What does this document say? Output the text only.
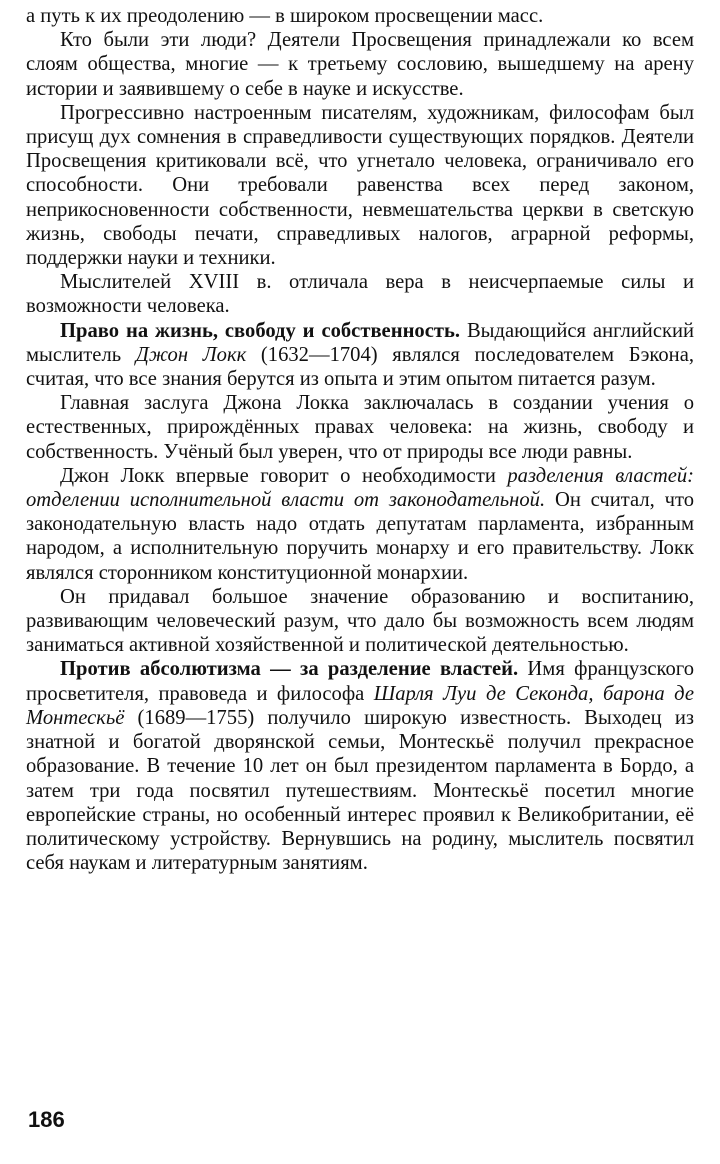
а путь к их преодолению — в широком просвещении масс.

Кто были эти люди? Деятели Просвещения принадлежали ко всем слоям общества, многие — к третьему сословию, вышедшему на арену истории и заявившему о себе в науке и искусстве.

Прогрессивно настроенным писателям, художникам, философам был присущ дух сомнения в справедливости существующих порядков. Деятели Просвещения критиковали всё, что угнетало человека, ограничивало его способности. Они требовали равенства всех перед законом, неприкосновенности собственности, невмешательства церкви в светскую жизнь, свободы печати, справедливых налогов, аграрной реформы, поддержки науки и техники.

Мыслителей XVIII в. отличала вера в неисчерпаемые силы и возможности человека.

Право на жизнь, свободу и собственность. Выдающийся английский мыслитель Джон Локк (1632—1704) являлся последователем Бэкона, считая, что все знания берутся из опыта и этим опытом питается разум.

Главная заслуга Джона Локка заключалась в создании учения о естественных, прирождённых правах человека: на жизнь, свободу и собственность. Учёный был уверен, что от природы все люди равны.

Джон Локк впервые говорит о необходимости разделения властей: отделении исполнительной власти от законодательной. Он считал, что законодательную власть надо отдать депутатам парламента, избранным народом, а исполнительную поручить монарху и его правительству. Локк являлся сторонником конституционной монархии.

Он придавал большое значение образованию и воспитанию, развивающим человеческий разум, что дало бы возможность всем людям заниматься активной хозяйственной и политической деятельностью.

Против абсолютизма — за разделение властей. Имя французского просветителя, правоведа и философа Шарля Луи де Секонда, барона де Монтескьё (1689—1755) получило широкую известность. Выходец из знатной и богатой дворянской семьи, Монтескьё получил прекрасное образование. В течение 10 лет он был президентом парламента в Бордо, а затем три года посвятил путешествиям. Монтескьё посетил многие европейские страны, но особенный интерес проявил к Великобритании, её политическому устройству. Вернувшись на родину, мыслитель посвятил себя наукам и литературным занятиям.

186
